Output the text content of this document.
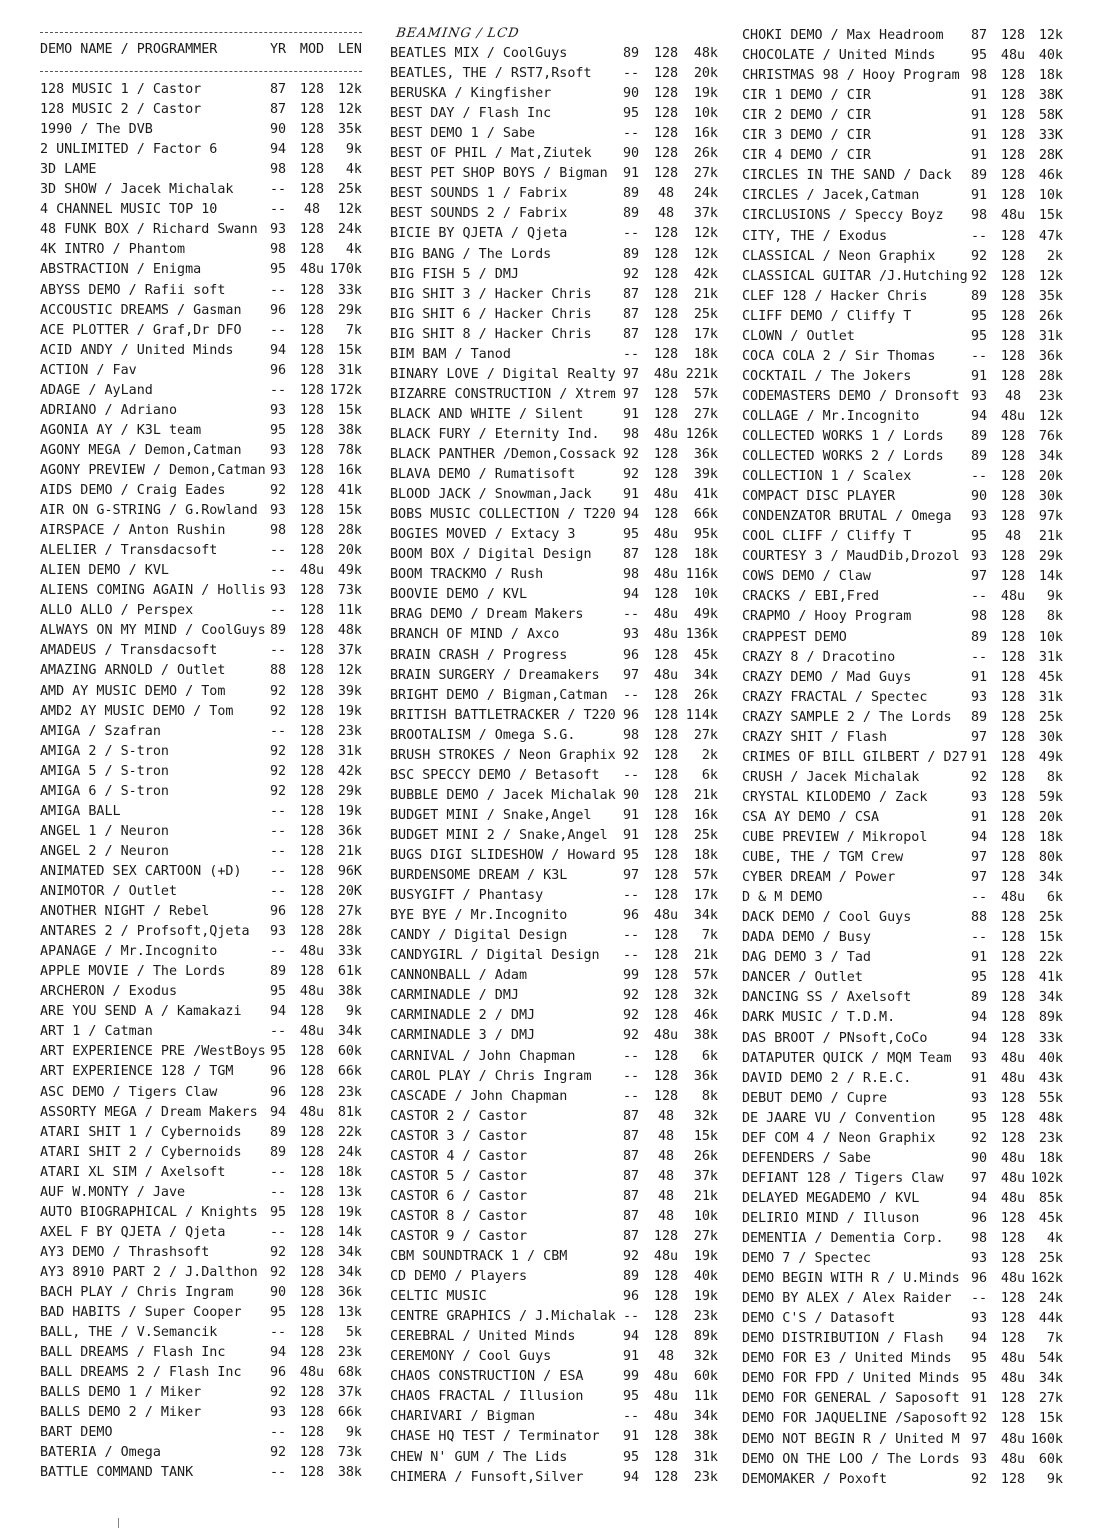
DEMO NAME / PROGRAMMER	YR	MOD	LEN
128 MUSIC 1 / Castor	87	128	12k
128 MUSIC 2 / Castor	87	128	12k
1990 / The DVB	90	128	35k
2 UNLIMITED / Factor 6	94	128	9k
3D LAME	98	128	4k
3D SHOW / Jacek Michalak	--	128	25k
4 CHANNEL MUSIC TOP 10	--	48	12k
48 FUNK BOX / Richard Swann 93	128	24k
4K INTRO / Phantom	98	128	4k
ABSTRACTION / Enigma	95	48u 170k
ABYSS DEMO / Rafii soft	--	128	33k
ACCOUSTIC DREAMS / Gasman 96	128	29k
ACE PLOTTER / Graf,Dr DFO --	128	7k
ACID ANDY / United Minds	94	128	15k
ACTION / Fav	96	128	31k
ADAGE / AyLand	--	128 172k
ADRIANO / Adriano	93	128	15k
AGONIA AY / K3L team	95	128	38k
AGONY MEGA / Demon,Catman 93	128	78k
AGONY PREVIEW / Demon,Catman 93	128	16k
AIDS DEMO / Craig Eades	92	128	41k
AIR ON G-STRING / G.Rowland 93	128	15k
AIRSPACE / Anton Rushin	98	128	28k
ALELIER / Transdacsoft	--	128	20k
ALIEN DEMO / KVL	--	48u	49k
ALIENS COMING AGAIN / Hollis 93	128	73k
ALLO ALLO / Perspex	--	128	11k
ALWAYS ON MY MIND / CoolGuys 89	128	48k
AMADEUS / Transdacsoft	--	128	37k
AMAZING ARNOLD / Outlet	88	128	12k
AMD AY MUSIC DEMO / Tom	92	128	39k
AMD2 AY MUSIC DEMO / Tom	92	128	19k
AMIGA / Szafran	--	128	23k
AMIGA 2 / S-tron	92	128	31k
AMIGA 5 / S-tron	92	128	42k
AMIGA 6 / S-tron	92	128	29k
AMIGA BALL	--	128	19k
ANGEL 1 / Neuron	--	128	36k
ANGEL 2 / Neuron	--	128	21k
ANIMATED SEX CARTOON (+D) --	128	96K
ANIMOTOR / Outlet	--	128	20K
ANOTHER NIGHT / Rebel	96	128	27k
ANTARES 2 / Profsoft,Qjeta 93	128	28k
APANAGE / Mr.Incognito	--	48u	33k
APPLE MOVIE / The Lords	89	128	61k
ARCHERON / Exodus	95	48u	38k
ARE YOU SEND A / Kamakazi 94	128	9k
ART 1 / Catman	--	48u	34k
ART EXPERIENCE PRE /WestBoys 95	128	60k
ART EXPERIENCE 128 / TGM	96	128	66k
ASC DEMO / Tigers Claw	96	128	23k
ASSORTY MEGA / Dream Makers 94	48u	81k
ATARI SHIT 1 / Cybernoids 89	128	22k
ATARI SHIT 2 / Cybernoids 89	128	24k
ATARI XL SIM / Axelsoft	--	128	18k
AUF W.MONTY / Jave	--	128	13k
AUTO BIOGRAPHICAL / Knights 95	128	19k
AXEL F BY QJETA / Qjeta	--	128	14k
AY3 DEMO / Thrashsoft	92	128	34k
AY3 8910 PART 2 / J.Dalthon 92	128	34k
BACH PLAY / Chris Ingram	90	128	36k
BAD HABITS / Super Cooper 95	128	13k
BALL, THE / V.Semancik	--	128	5k
BALL DREAMS / Flash Inc	94	128	23k
BALL DREAMS 2 / Flash Inc 96	48u	68k
BALLS DEMO 1 / Miker	92	128	37k
BALLS DEMO 2 / Miker	93	128	66k
BART DEMO	--	128	9k
BATERIA / Omega	92	128	73k
BATTLE COMMAND TANK	--	128	38k
BEAMING / LCD
BEATLES MIX / CoolGuys	89	128	48k
BEATLES, THE / RST7,Rsoft --	128	20k
BERUSKA / Kingfisher	90	128	19k
BEST DAY / Flash Inc	95	128	10k
BEST DEMO 1 / Sabe	--	128	16k
BEST OF PHIL / Mat,Ziutek 90	128	26k
BEST PET SHOP BOYS / Bigman 91	128	27k
BEST SOUNDS 1 / Fabrix	89	48	24k
BEST SOUNDS 2 / Fabrix	89	48	37k
BICIE BY QJETA / Qjeta	--	128	12k
BIG BANG / The Lords	89	128	12k
BIG FISH 5 / DMJ	92	128	42k
BIG SHIT 3 / Hacker Chris 87	128	21k
BIG SHIT 6 / Hacker Chris 87	128	25k
BIG SHIT 8 / Hacker Chris 87	128	17k
BIM BAM / Tanod	--	128	18k
BINARY LOVE / Digital Realty 97	48u 221k
BIZARRE CONSTRUCTION / Xtrem 97	128	57k
BLACK AND WHITE / Silent	91	128	27k
BLACK FURY / Eternity Ind. 98	48u 126k
BLACK PANTHER /Demon,Cossack 92	128	36k
BLAVA DEMO / Rumatisoft	92	128	39k
BLOOD JACK / Snowman,Jack 91	48u	41k
BOBS MUSIC COLLECTION / T220 94	128	66k
BOGIES MOVED / Extacy 3	95	48u	95k
BOOM BOX / Digital Design 87	128	18k
BOOM TRACKMO / Rush	98	48u 116k
BOOVIE DEMO / KVL	94	128	10k
BRAG DEMO / Dream Makers	--	48u	49k
BRANCH OF MIND / Axco	93	48u 136k
BRAIN CRASH / Progress	96	128	45k
BRAIN SURGERY / Dreamakers 97	48u	34k
BRIGHT DEMO / Bigman,Catman --	128	26k
BRITISH BATTLETRACKER / T220 96	128 114k
BROOTALISM / Omega S.G.	98	128	27k
BRUSH STROKES / Neon Graphix 92	128	2k
BSC SPECCY DEMO / Betasoft --	128	6k
BUBBLE DEMO / Jacek Michalak 90	128	21k
BUDGET MINI / Snake,Angel 91	128	16k
BUDGET MINI 2 / Snake,Angel 91	128	25k
BUGS DIGI SLIDESHOW / Howard 95	128	18k
BURDENSOME DREAM / K3L	97	128	57k
BUSYGIFT / Phantasy	--	128	17k
BYE BYE / Mr.Incognito	96	48u	34k
CANDY / Digital Design	--	128	7k
CANDYGIRL / Digital Design --	128	21k
CANNONBALL / Adam	99	128	57k
CARMINADLE / DMJ	92	128	32k
CARMINADLE 2 / DMJ	92	128	46k
CARMINADLE 3 / DMJ	92	48u	38k
CARNIVAL / John Chapman	--	128	6k
CAROL PLAY / Chris Ingram --	128	36k
CASCADE / John Chapman	--	128	8k
CASTOR 2 / Castor	87	48	32k
CASTOR 3 / Castor	87	48	15k
CASTOR 4 / Castor	87	48	26k
CASTOR 5 / Castor	87	48	37k
CASTOR 6 / Castor	87	48	21k
CASTOR 8 / Castor	87	48	10k
CASTOR 9 / Castor	87	128	27k
CBM SOUNDTRACK 1 / CBM	92	48u	19k
CD DEMO / Players	89	128	40k
CELTIC MUSIC	96	128	19k
CENTRE GRAPHICS / J.Michalak --	128	23k
CEREBRAL / United Minds	94	128	89k
CEREMONY / Cool Guys	91	48	32k
CHAOS CONSTRUCTION / ESA	99	48u	60k
CHAOS FRACTAL / Illusion	95	48u	11k
CHARIVARI / Bigman	--	48u	34k
CHASE HQ TEST / Terminator 91	128	38k
CHEW N' GUM / The Lids	95	128	31k
CHIMERA / Funsoft,Silver	94	128	23k
CHOKI DEMO / Max Headroom 87	128	12k
CHOCOLATE / United Minds	95	48u	40k
CHRISTMAS 98 / Hooy Program 98	128	18k
CIR 1 DEMO / CIR	91	128	38K
CIR 2 DEMO / CIR	91	128	58K
CIR 3 DEMO / CIR	91	128	33K
CIR 4 DEMO / CIR	91	128	28K
CIRCLES IN THE SAND / Dack 89	128	46k
CIRCLES / Jacek,Catman	91	128	10k
CIRCLUSIONS / Speccy Boyz 98	48u	15k
CITY, THE / Exodus	--	128	47k
CLASSICAL / Neon Graphix	92	128	2k
CLASSICAL GUITAR /J.Hutching 92	128	12k
CLEF 128 / Hacker Chris	89	128	35k
CLIFF DEMO / Cliffy T	95	128	26k
CLOWN / Outlet	95	128	31k
COCA COLA 2 / Sir Thomas	--	128	36k
COCKTAIL / The Jokers	91	128	28k
CODEMASTERS DEMO / Dronsoft 93	48	23k
COLLAGE / Mr.Incognito	94	48u	12k
COLLECTED WORKS 1 / Lords 89	128	76k
COLLECTED WORKS 2 / Lords 89	128	34k
COLLECTION 1 / Scalex	--	128	20k
COMPACT DISC PLAYER	90	128	30k
CONDENZATOR BRUTAL / Omega 93	128	97k
COOL CLIFF / Cliffy T	95	48	21k
COURTESY 3 / MaudDib,Drozol 93	128	29k
COWS DEMO / Claw	97	128	14k
CRACKS / EBI,Fred	--	48u	9k
CRAPMO / Hooy Program	98	128	8k
CRAPPEST DEMO	89	128	10k
CRAZY 8 / Dracotino	--	128	31k
CRAZY DEMO / Mad Guys	91	128	45k
CRAZY FRACTAL / Spectec	93	128	31k
CRAZY SAMPLE 2 / The Lords 89	128	25k
CRAZY SHIT / Flash	97	128	30k
CRIMES OF BILL GILBERT / D27 91	128	49k
CRUSH / Jacek Michalak	92	128	8k
CRYSTAL KILODEMO / Zack	93	128	59k
CSA AY DEMO / CSA	91	128	20k
CUBE PREVIEW / Mikropol	94	128	18k
CUBE, THE / TGM Crew	97	128	80k
CYBER DREAM / Power	97	128	34k
D & M DEMO	--	48u	6k
DACK DEMO / Cool Guys	88	128	25k
DADA DEMO / Busy	--	128	15k
DAG DEMO 3 / Tad	91	128	22k
DANCER / Outlet	95	128	41k
DANCING SS / Axelsoft	89	128	34k
DARK MUSIC / T.D.M.	94	128	89k
DAS BROOT / PNsoft,CoCo	94	128	33k
DATAPUTER QUICK / MQM Team 93	48u	40k
DAVID DEMO 2 / R.E.C.	91	48u	43k
DEBUT DEMO / Cupre	93	128	55k
DE JAARE VU / Convention	95	128	48k
DEF COM 4 / Neon Graphix	92	128	23k
DEFENDERS / Sabe	90	48u	18k
DEFIANT 128 / Tigers Claw 97	48u 102k
DELAYED MEGADEMO / KVL	94	48u	85k
DELIRIO MIND / Illuson	96	128	45k
DEMENTIA / Dementia Corp. 98	128	4k
DEMO 7 / Spectec	93	128	25k
DEMO BEGIN WITH R / U.Minds 96	48u 162k
DEMO BY ALEX / Alex Raider --	128	24k
DEMO C'S / Datasoft	93	128	44k
DEMO DISTRIBUTION / Flash 94	128	7k
DEMO FOR E3 / United Minds 95	48u	54k
DEMO FOR FPD / United Minds 95	48u	34k
DEMO FOR GENERAL / Saposoft 91	128	27k
DEMO FOR JAQUELINE /Saposoft 92	128	15k
DEMO NOT BEGIN R / United M 97	48u 160k
DEMO ON THE LOO / The Lords 93	48u	60k
DEMOMAKER / Poxoft	92	128	9k
